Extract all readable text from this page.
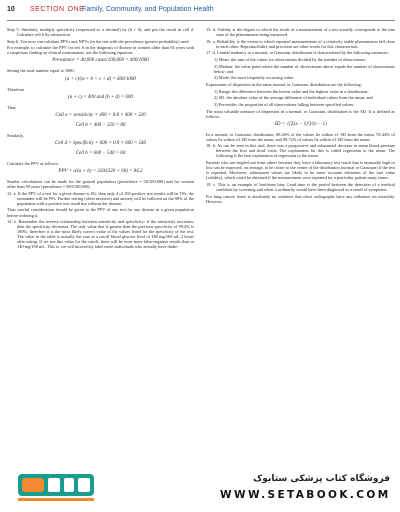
10 SECTION ONE
Family, Community, and Population Health

Step 5: Similarly, multiply specificity (expressed as a decimal) by (b + d), and put the result in cell d. Calculate cell b by subtraction.

Step 6: You now can calculate PPVs and NPVs for the test with the prevalence (pretest probability) used.

For example, to calculate the PPV for test A in the diagnosis of disease in women older than 65 years with a suspicious finding on clinical examination, use the following equation:

Prevalence = 40,000 cases/100,000 = 400/1000

Setting the total number equal to 1000,

(a + c)/(a + b + c + d) = 400/1000

Therefore

(a + c) = 400 and (b + d) = 600

Thus

Cell a = sensitivity × 400 = 0.8 × 400 = 320
Cell b = 400 − 320 = 80

Similarly,

Cell d = Specificity × 600 = 0.9 × 600 = 540
Cell b = 600 − 540 = 60

Calculate the PPV as follows:

PPV = a/(a + b) = 320/(320 + 60) = 84.2

Similar calculations can be made for the general population (prevalence = 50/100,000) and for women older than 50 years (prevalence = 500/100,000).

13. a. If the PPV of a test for a given disease is 4%, then only 4 of 100 positive test results will be TPs; the remainder will be FPs. Further testing (often invasive) and anxiety will be inflicted on the 96% of the population with a positive test result but without the disease.

Thus careful consideration should be given to the PPV of any test for any disease in a given population before ordering it.

14. e. Remember the inverse relationship between sensitivity and specificity: if the sensitivity increases, then the specificity decreases. The only value that is greater than the previous specificity of 99.4% is 100%; therefore it is the most likely correct value of the values listed for the specificity of the test. The value in the table is actually the case at a cutoff blood glucose level of 180 mg/100 mL 2 hours after eating. If we use this value for the cutoff, there will be even more false-negative results than at 140 mg/100 mL. This is, we will incorrectly label more individuals who actually have diabe-

15. d. Validity is the degree to which the result of a measurement of a test actually corresponds to the true state of the phenomenon being measured.

16. a. Reliability is the extent to which repeated measurements of a relatively stable phenomenon fall close to each other. Reproducibility and precision are other words for this characteristic.

17. d. Central tendency in a normal, or Gaussian, distribution is characterized by the following measures:

1) Mean: the sum of the values for observations divided by the number of observations;

2) Median: the value point where the number of observations above equals the number of observations below; and

3) Mode: the most frequently occurring value.

Expressions of dispersion in the same normal, or Gaussian, distribution are the following:

1) Range: the difference between the lowest value and the highest value in a distribution;

2) SD: the absolute value of the average difference of individual values from the mean; and

3) Percentile: the proportion of all observations falling between specified values.

The most valuable measure of dispersion in a normal, or Gaussian, distribution is the SD. It is defined as follows:

SD = √[Σ(x − x̄)²]/(n − 1)

In a normal, or Gaussian, distribution, 68.26% of the values lie within ±1 SD from the mean, 95.44% of values lie within ±2 SD from the mean, and 99.72% of values lie within ±3 SD from the mean.

18. b. As can be seen in this trial, there was a progressive and substantial decrease in mean blood pressure between the first and third visits. The explanation for this is called regression to the mean. The following is the best explanation of regression to the mean:

Patients who are singled out from others because they have a laboratory test result that is unusually high or low can be expected, on average, to be closer to the center of the distribution (normal or Gaussian) if the test is repeated. Moreover, subsequent values are likely to be more accurate estimates of the true value (validity), which could be obtained if the measurement were repeated for a particular patient many times.

19. c. This is an example of lead-time bias. Lead time is the period between the detection of a medical condition by screening and when it ordinarily would have been diagnosed as a result of symptoms.

For lung cancer, there is absolutely no evidence that chest radiographs have any influence on mortality. However,

فروشگاه کتاب پزشکی ستابوک
WWW.SETABOOK.COM
